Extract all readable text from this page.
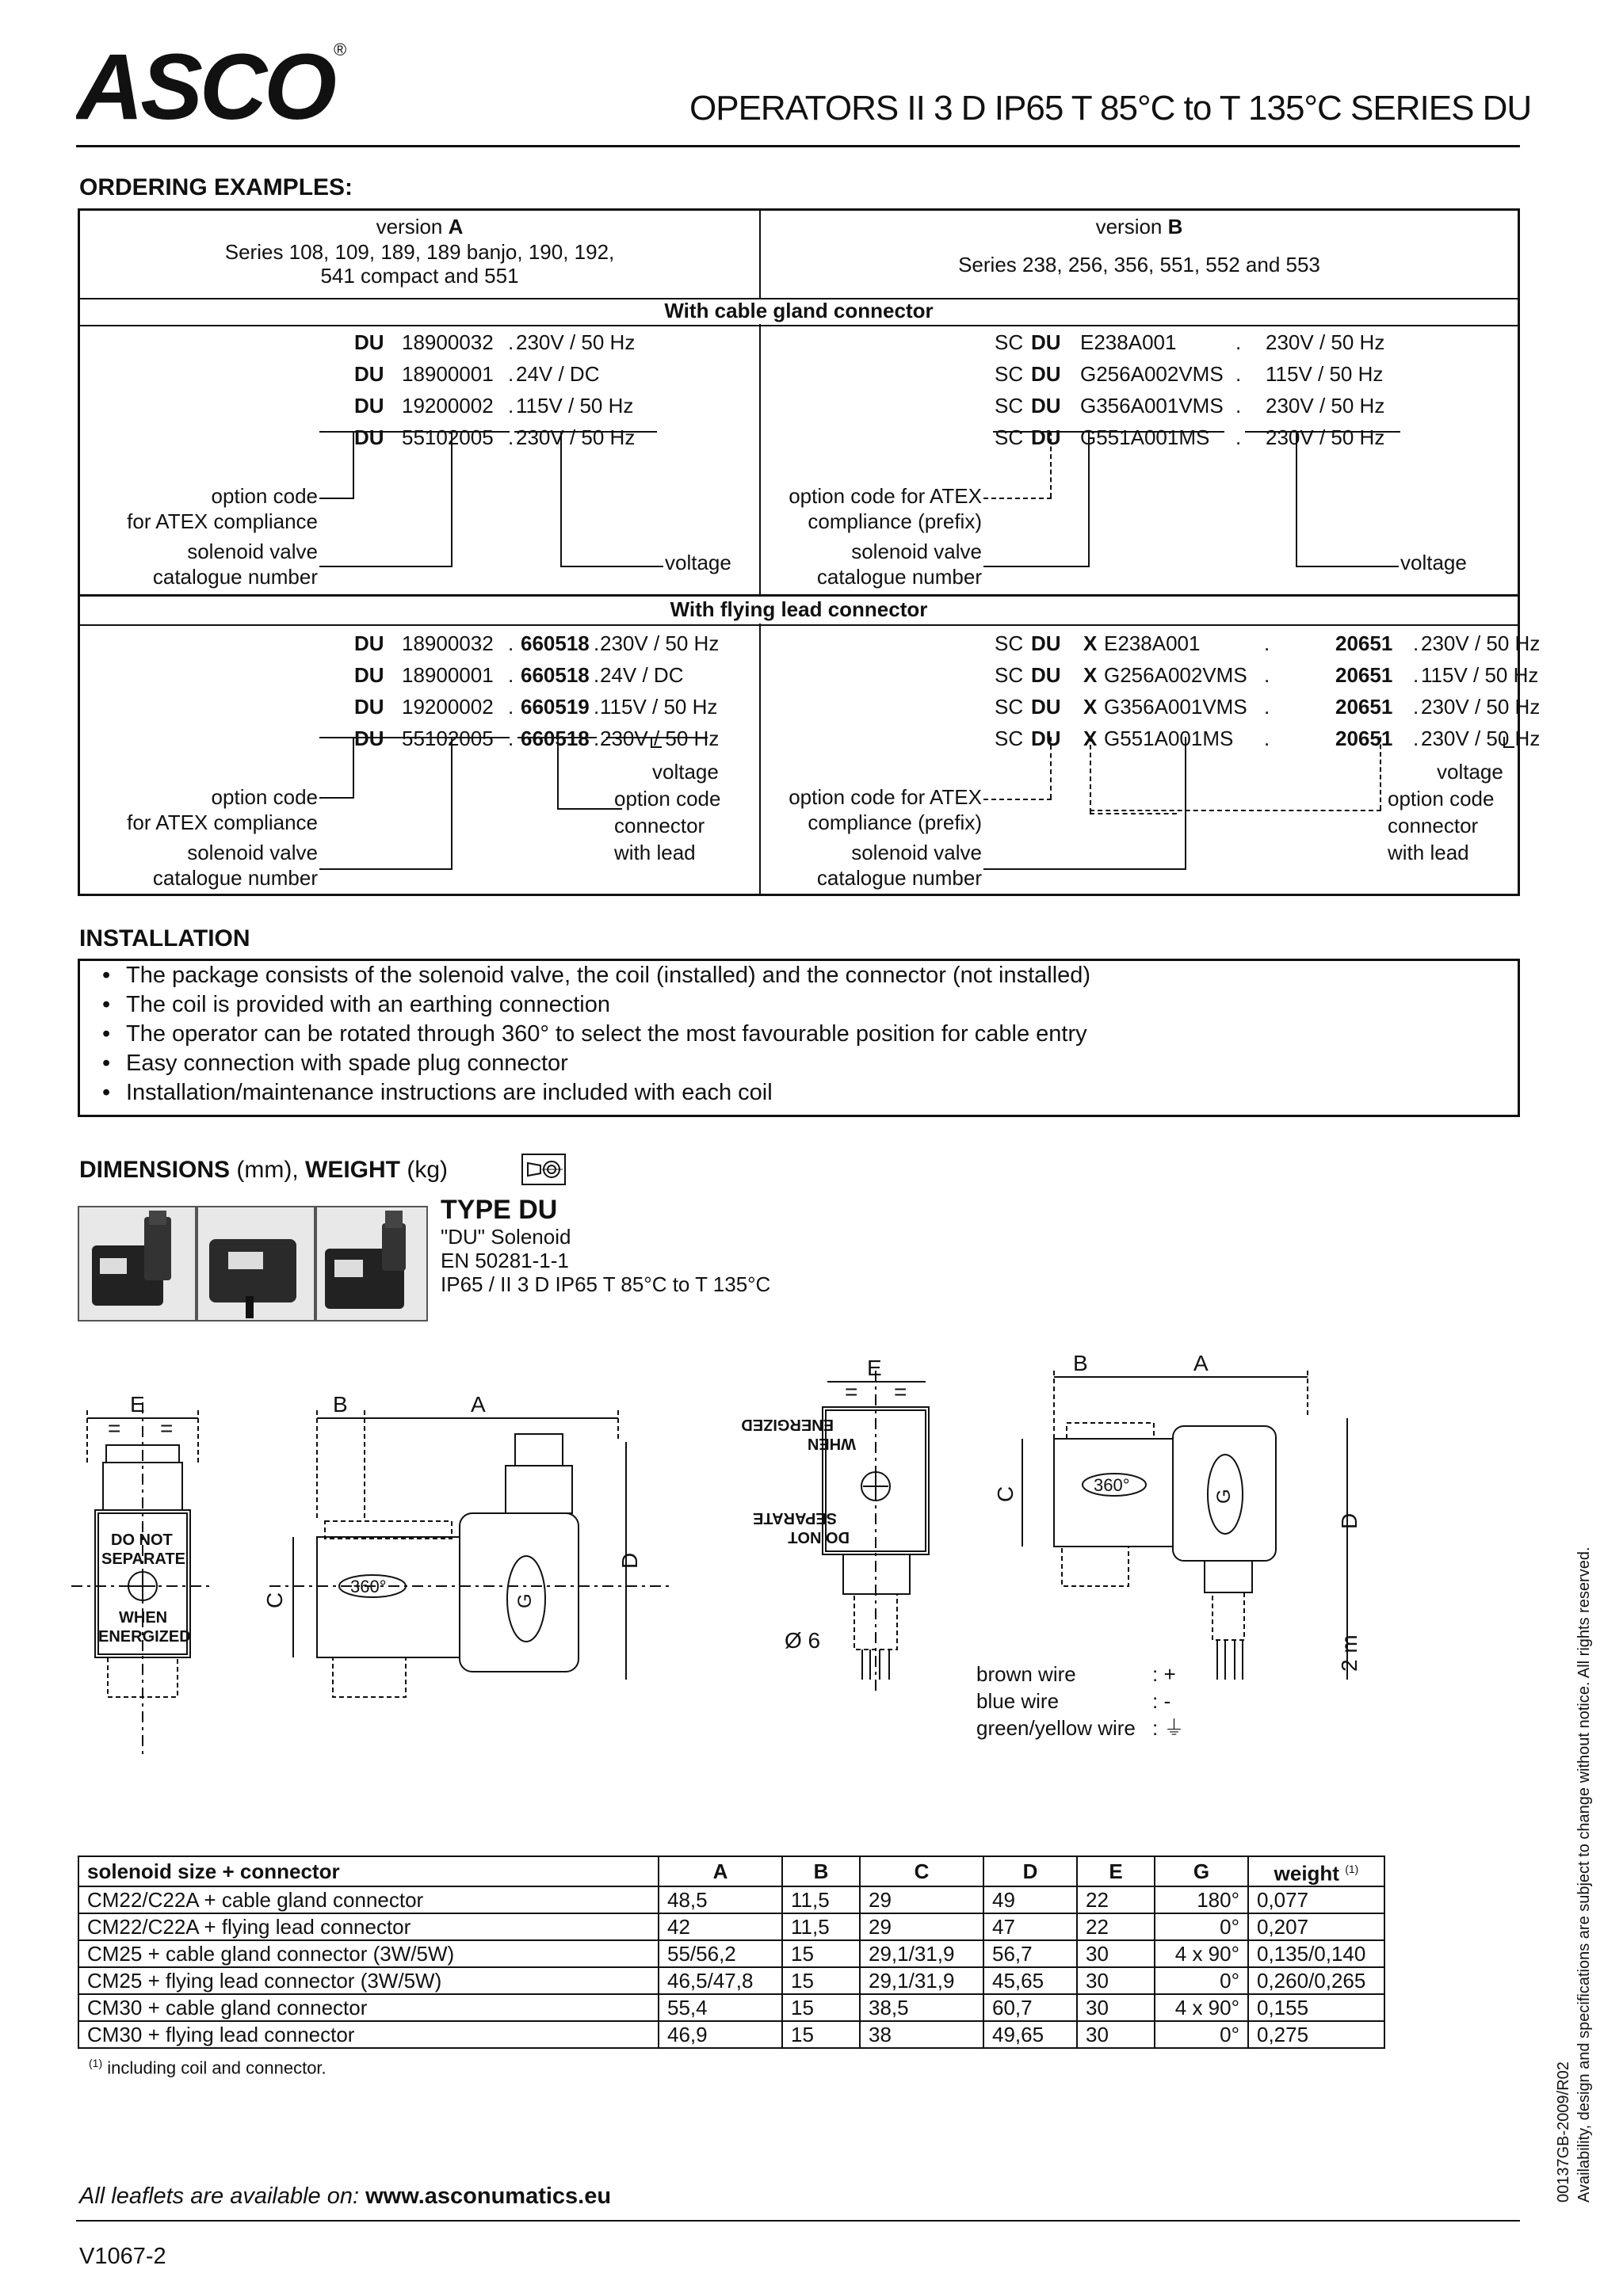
ASCO ®
OPERATORS II 3 D IP65 T 85°C to T 135°C SERIES DU
ORDERING EXAMPLES:
version A
Series 108, 109, 189, 189 banjo, 190, 192,
541 compact and 551
version B
Series 238, 256, 356, 551, 552 and 553
With cable gland connector
With flying lead connector
option code
for ATEX compliance
solenoid valve
catalogue number
voltage
option code for ATEX
compliance (prefix)
solenoid valve
catalogue number
voltage
option code
for ATEX compliance
solenoid valve
catalogue number
voltage
option code
connector
with lead
option code for ATEX
compliance (prefix)
solenoid valve
catalogue number
voltage
option code
connector
with lead
DU 18900032 . 230V / 50 Hz
DU 18900001 . 24V / DC
DU 19200002 . 115V / 50 Hz
DU 55102005 . 230V / 50 Hz
SC DU E238A001	. 230V / 50 Hz
SC DU G256A002VMS . 115V / 50 Hz
SC DU G356A001VMS . 230V / 50 Hz
SC DU G551A001MS . 230V / 50 Hz
DU 18900032 . 660518 . 230V / 50 Hz
DU 18900001 . 660518 . 24V / DC
DU 19200002 . 660519 . 115V / 50 Hz
DU 55102005 . 660518 . 230V / 50 Hz
SC DU X E238A001	.	20651 . 230V / 50 Hz
SC DU X G256A002VMS .	20651 . 115V / 50 Hz
SC DU X G356A001VMS .	20651 . 230V / 50 Hz
SC DU X G551A001MS .	20651 . 230V / 50 Hz
INSTALLATION
• The package consists of the solenoid valve, the coil (installed) and the connector (not installed)
• The coil is provided with an earthing connection
• The operator can be rotated through 360° to select the most favourable position for cable entry
• Easy connection with spade plug connector
• Installation/maintenance instructions are included with each coil
DIMENSIONS (mm), WEIGHT (kg)
TYPE DU
"DU" Solenoid
EN 50281-1-1
IP65 / II 3 D IP65 T 85°C to T 135°C
E
= =
DO NOT
SEPARATE
WHEN
ENERGIZED
B	A
G
360°
D
C
E
= =
ENERGIZED
WHEN
SEPARATE
DO NOT
Ø 6
B	A
G
360°
C
D
2 m
brown wire	: +
blue wire	: -
green/yellow wire : ⏚
solenoid size + connector	A	B	C	D	E	G	weight $^{(1)}$
CM22/C22A + cable gland connector	48,5	11,5	29	49	22	180°	0,077
CM22/C22A + flying lead connector	42	11,5	29	47	22	0°	0,207
CM25 + cable gland connector (3W/5W)	55/56,2	15	29,1/31,9	56,7	30	4 x 90°	0,135/0,140
CM25 + flying lead connector (3W/5W)	46,5/47,8	15	29,1/31,9	45,65	30	0°	0,260/0,265
CM30 + cable gland connector	55,4	15	38,5	60,7	30	4 x 90°	0,155
CM30 + flying lead connector	46,9	15	38	49,65	30	0°	0,275
$^{(1)}$ including coil and connector.	00137GB-2009/R02 Availability, design and specifications are subject to change without notice. All rights reserved.
All leaflets are available on: www.asconumatics.eu
V1067-2
